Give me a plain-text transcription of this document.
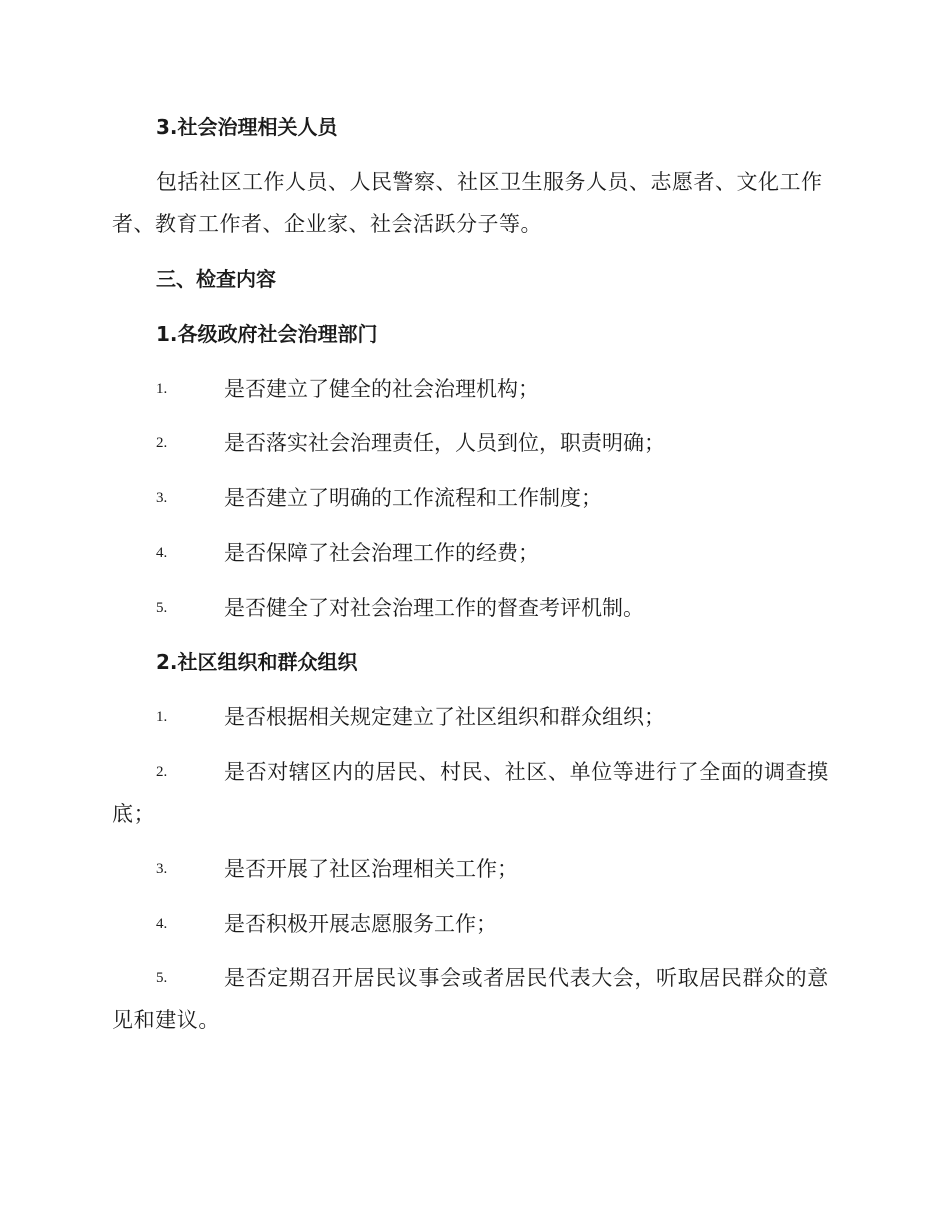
3.社会治理相关人员
包括社区工作人员、人民警察、社区卫生服务人员、志愿者、文化工作者、教育工作者、企业家、社会活跃分子等。
三、检查内容
1.各级政府社会治理部门
1.	是否建立了健全的社会治理机构；
2.	是否落实社会治理责任，人员到位，职责明确；
3.	是否建立了明确的工作流程和工作制度；
4.	是否保障了社会治理工作的经费；
5.	是否健全了对社会治理工作的督查考评机制。
2.社区组织和群众组织
1.	是否根据相关规定建立了社区组织和群众组织；
2.	是否对辖区内的居民、村民、社区、单位等进行了全面的调查摸底；
3.	是否开展了社区治理相关工作；
4.	是否积极开展志愿服务工作；
5.	是否定期召开居民议事会或者居民代表大会，听取居民群众的意见和建议。
